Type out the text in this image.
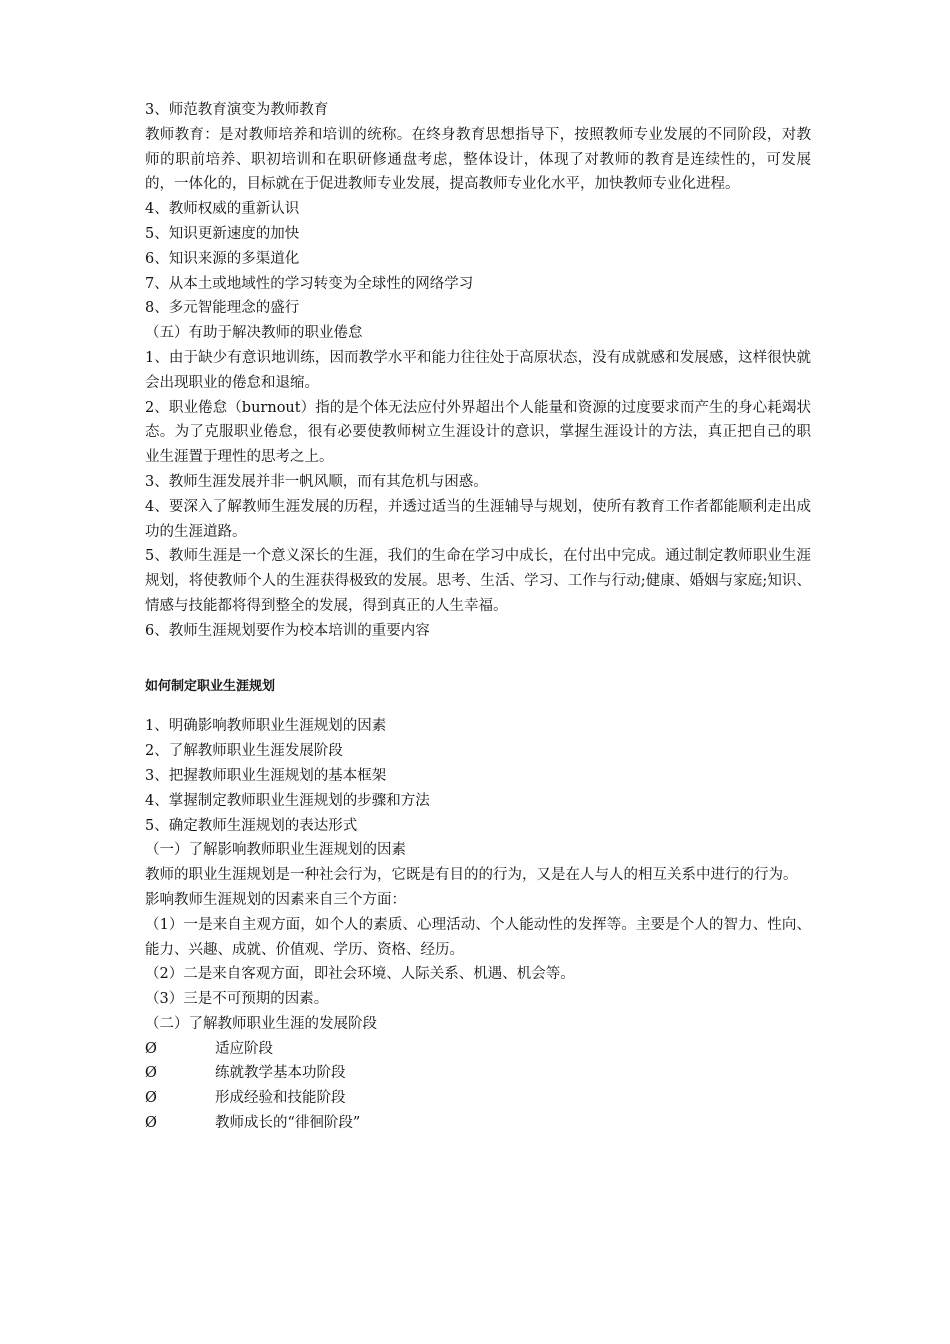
3、师范教育演变为教师教育

教师教育：是对教师培养和培训的统称。在终身教育思想指导下，按照教师专业发展的不同阶段，对教师的职前培养、职初培训和在职研修通盘考虑，整体设计，体现了对教师的教育是连续性的，可发展的，一体化的，目标就在于促进教师专业发展，提高教师专业化水平，加快教师专业化进程。

4、教师权威的重新认识

5、知识更新速度的加快

6、知识来源的多渠道化

7、从本土或地域性的学习转变为全球性的网络学习

8、多元智能理念的盛行

（五）有助于解决教师的职业倦怠

1、由于缺少有意识地训练，因而教学水平和能力往往处于高原状态，没有成就感和发展感，这样很快就会出现职业的倦怠和退缩。

2、职业倦怠（burnout）指的是个体无法应付外界超出个人能量和资源的过度要求而产生的身心耗竭状态。为了克服职业倦怠，很有必要使教师树立生涯设计的意识，掌握生涯设计的方法，真正把自己的职业生涯置于理性的思考之上。

3、教师生涯发展并非一帆风顺，而有其危机与困惑。

4、要深入了解教师生涯发展的历程，并透过适当的生涯辅导与规划，使所有教育工作者都能顺利走出成功的生涯道路。

5、教师生涯是一个意义深长的生涯，我们的生命在学习中成长，在付出中完成。通过制定教师职业生涯规划，将使教师个人的生涯获得极致的发展。思考、生活、学习、工作与行动;健康、婚姻与家庭;知识、情感与技能都将得到整全的发展，得到真正的人生幸福。

6、教师生涯规划要作为校本培训的重要内容

如何制定职业生涯规划

1、明确影响教师职业生涯规划的因素

2、了解教师职业生涯发展阶段

3、把握教师职业生涯规划的基本框架

4、掌握制定教师职业生涯规划的步骤和方法

5、确定教师生涯规划的表达形式

（一）了解影响教师职业生涯规划的因素

教师的职业生涯规划是一种社会行为，它既是有目的的行为，又是在人与人的相互关系中进行的行为。

影响教师生涯规划的因素来自三个方面：

（1）一是来自主观方面，如个人的素质、心理活动、个人能动性的发挥等。主要是个人的智力、性向、能力、兴趣、成就、价值观、学历、资格、经历。

（2）二是来自客观方面，即社会环境、人际关系、机遇、机会等。

（3）三是不可预期的因素。

（二）了解教师职业生涯的发展阶段

Ø	适应阶段
Ø	练就教学基本功阶段
Ø	形成经验和技能阶段
Ø	教师成长的“徘徊阶段”
